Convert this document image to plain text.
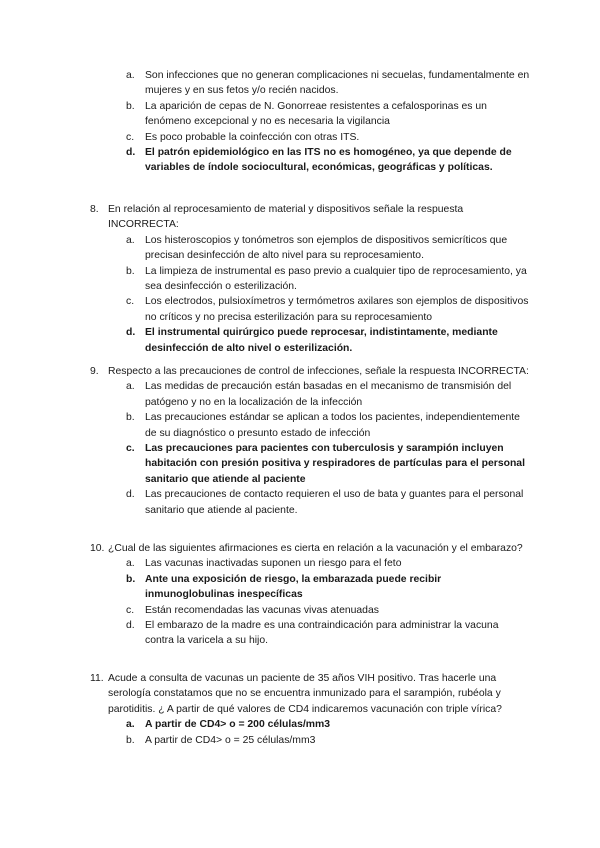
a. Son infecciones que no generan complicaciones ni secuelas, fundamentalmente en mujeres y en sus fetos y/o recién nacidos.
b. La aparición de cepas de N. Gonorreae resistentes a cefalosporinas es un fenómeno excepcional y no es necesaria la vigilancia
c. Es poco probable la coinfección con otras ITS.
d. El patrón epidemiológico en las ITS no es homogéneo, ya que depende de variables de índole sociocultural, económicas, geográficas y políticas.
8. En relación al reprocesamiento de material y dispositivos señale la respuesta INCORRECTA:
a. Los histeroscopios y tonómetros son ejemplos de dispositivos semicríticos que precisan desinfección de alto nivel para su reprocesamiento.
b. La limpieza de instrumental es paso previo a cualquier tipo de reprocesamiento, ya sea desinfección o esterilización.
c. Los electrodos, pulsioxímetros y termómetros axilares son ejemplos de dispositivos no críticos y no precisa esterilización para su reprocesamiento
d. El instrumental quirúrgico puede reprocesar, indistintamente, mediante desinfección de alto nivel o esterilización.
9. Respecto a las precauciones de control de infecciones, señale la respuesta INCORRECTA:
a. Las medidas de precaución están basadas en el mecanismo de transmisión del patógeno y no en la localización de la infección
b. Las precauciones estándar se aplican a todos los pacientes, independientemente de su diagnóstico o presunto estado de infección
c. Las precauciones para pacientes con tuberculosis y sarampión incluyen habitación con presión positiva y respiradores de partículas para el personal sanitario que atiende al paciente
d. Las precauciones de contacto requieren el uso de bata y guantes para el personal sanitario que atiende al paciente.
10. ¿Cual de las siguientes afirmaciones es cierta en relación a la vacunación y el embarazo?
a. Las vacunas inactivadas suponen un riesgo para el feto
b. Ante una exposición de riesgo, la embarazada puede recibir inmunoglobulinas inespecíficas
c. Están recomendadas las vacunas vivas atenuadas
d. El embarazo de la madre es una contraindicación para administrar la vacuna contra la varicela a su hijo.
11. Acude a consulta de vacunas un paciente de 35 años VIH positivo. Tras hacerle una serología constatamos que no se encuentra inmunizado para el sarampión, rubéola y parotiditis. ¿ A partir de qué valores de CD4 indicaremos vacunación con triple vírica?
a. A partir de CD4> o = 200 células/mm3
b. A partir de CD4> o = 25 células/mm3
